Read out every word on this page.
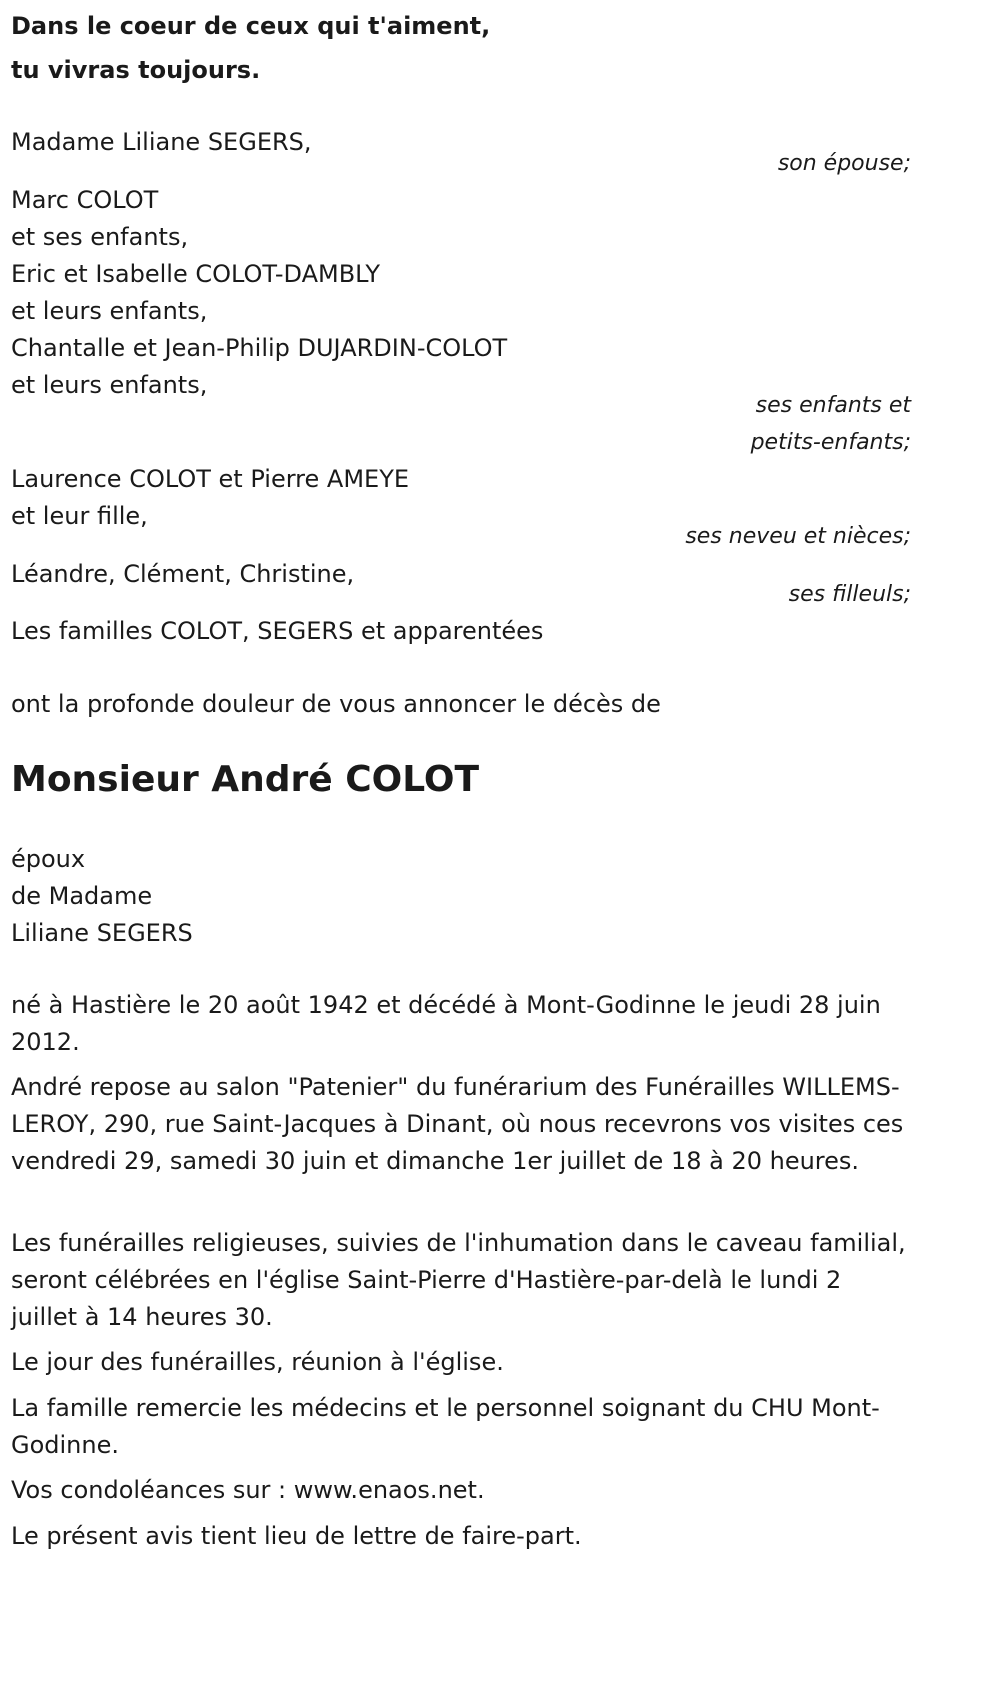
Dans le coeur de ceux qui t'aiment,
tu vivras toujours.
Madame Liliane SEGERS,
son épouse;
Marc COLOT
et ses enfants,
Eric et Isabelle COLOT-DAMBLY
et leurs enfants,
Chantalle et Jean-Philip DUJARDIN-COLOT
et leurs enfants,
ses enfants et
petits-enfants;
Laurence COLOT et Pierre AMEYE
et leur fille,
ses neveu et nièces;
Léandre, Clément, Christine,
ses filleuls;
Les familles COLOT, SEGERS et apparentées
ont la profonde douleur de vous annoncer le décès de
Monsieur André COLOT
époux
de Madame
Liliane SEGERS
né à Hastière le 20 août 1942 et décédé à Mont-Godinne le jeudi 28 juin 2012.
André repose au salon "Patenier" du funérarium des Funérailles WILLEMS-LEROY, 290, rue Saint-Jacques à Dinant, où nous recevrons vos visites ces vendredi 29, samedi 30 juin et dimanche 1er juillet de 18 à 20 heures.
Les funérailles religieuses, suivies de l'inhumation dans le caveau familial, seront célébrées en l'église Saint-Pierre d'Hastière-par-delà le lundi 2 juillet à 14 heures 30.
Le jour des funérailles, réunion à l'église.
La famille remercie les médecins et le personnel soignant du CHU Mont-Godinne.
Vos condoléances sur : www.enaos.net.
Le présent avis tient lieu de lettre de faire-part.
